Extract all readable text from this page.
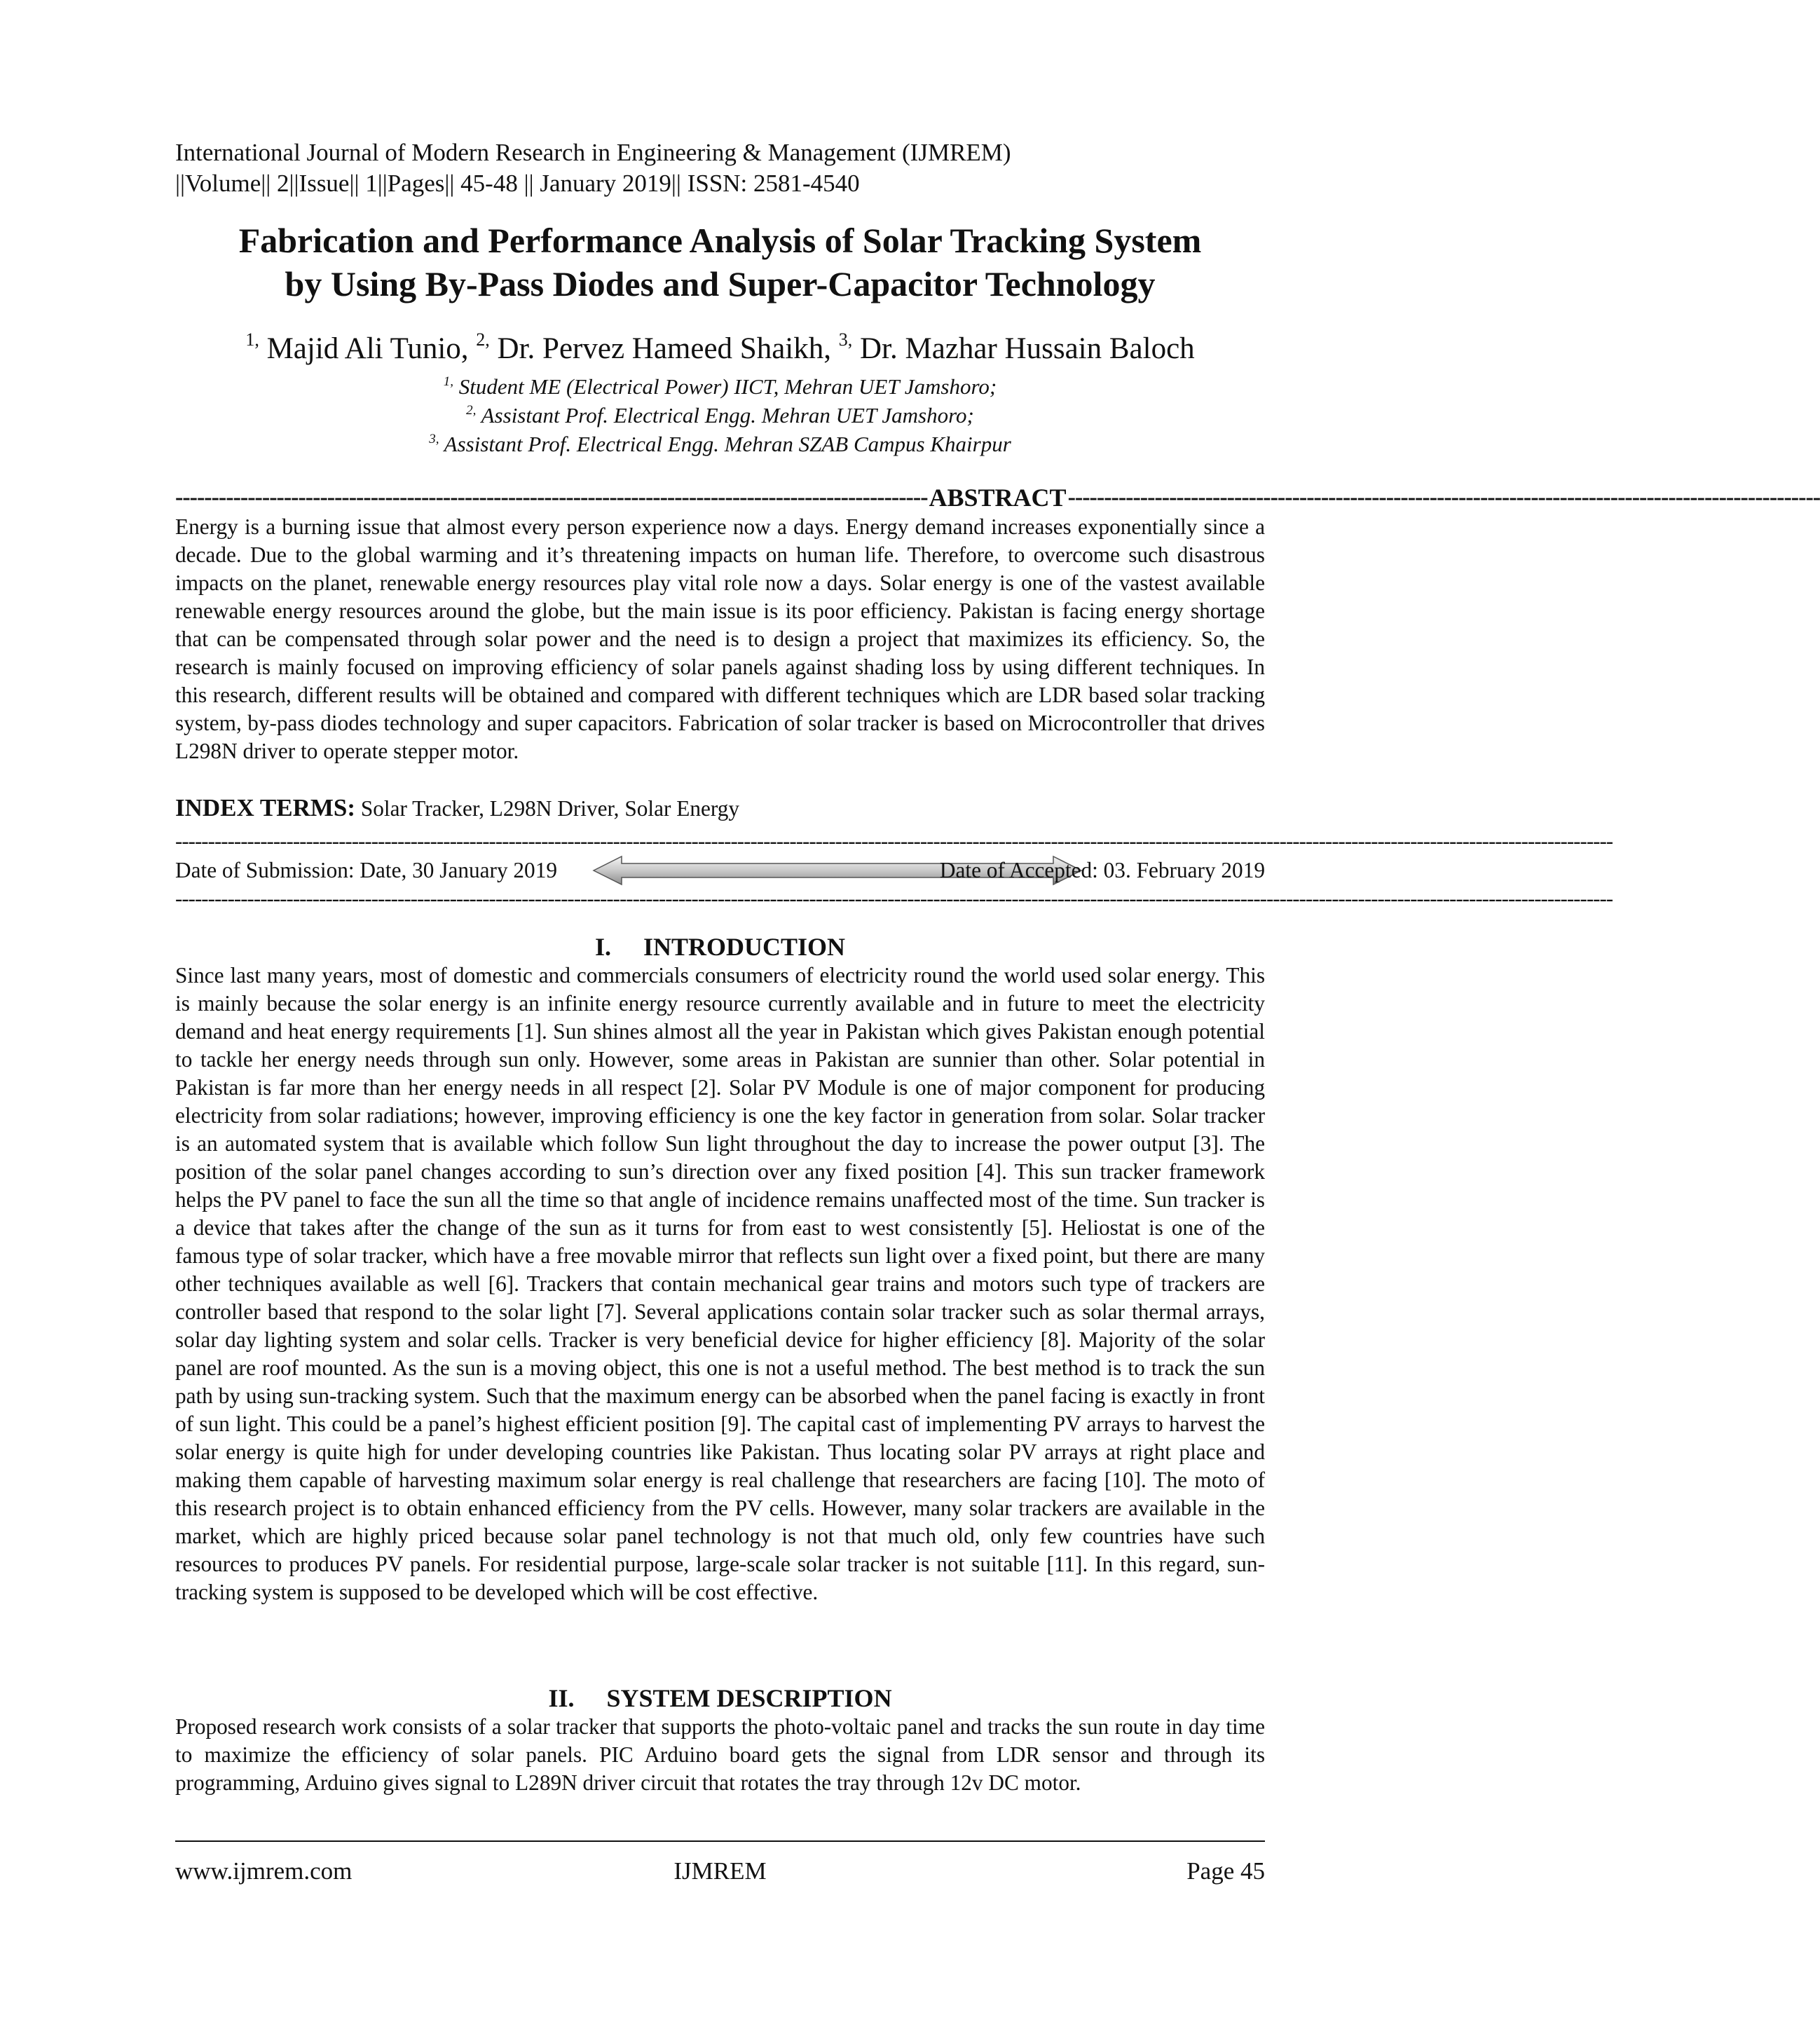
International Journal of Modern Research in Engineering & Management (IJMREM)
||Volume|| 2||Issue|| 1||Pages|| 45-48 || January 2019|| ISSN: 2581-4540
Fabrication and Performance Analysis of Solar Tracking System
by Using By-Pass Diodes and Super-Capacitor Technology
$^{1,}$ Majid Ali Tunio, $^{2,}$ Dr. Pervez Hameed Shaikh, $^{3,}$ Dr. Mazhar Hussain Baloch
$^{1,}$ Student ME (Electrical Power) IICT, Mehran UET Jamshoro;
$^{2,}$ Assistant Prof. Electrical Engg. Mehran UET Jamshoro;
$^{3,}$ Assistant Prof. Electrical Engg. Mehran SZAB Campus Khairpur
-------------------------------------------------------------------------------------------------------- ABSTRACT --------------------------------------------------------------------------------------------------------

Energy is a burning issue that almost every person experience now a days. Energy demand increases exponentially since a decade. Due to the global warming and it’s threatening impacts on human life. Therefore, to overcome such disastrous impacts on the planet, renewable energy resources play vital role now a days. Solar energy is one of the vastest available renewable energy resources around the globe, but the main issue is its poor efficiency. Pakistan is facing energy shortage that can be compensated through solar power and the need is to design a project that maximizes its efficiency. So, the research is mainly focused on improving efficiency of solar panels against shading loss by using different techniques. In this research, different results will be obtained and compared with different techniques which are LDR based solar tracking system, by-pass diodes technology and super capacitors. Fabrication of solar tracker is based on Microcontroller that drives L298N driver to operate stepper motor.

INDEX TERMS: Solar Tracker, L298N Driver, Solar Energy
----------------------------------------------------------------------------------------------------------------------------------------------------------------------------------------------------------------------------
Date of Submission: Date, 30 January 2019	Date of Accepted: 03. February 2019
----------------------------------------------------------------------------------------------------------------------------------------------------------------------------------------------------------------------------
I. INTRODUCTION

Since last many years, most of domestic and commercials consumers of electricity round the world used solar energy. This is mainly because the solar energy is an infinite energy resource currently available and in future to meet the electricity demand and heat energy requirements [1]. Sun shines almost all the year in Pakistan which gives Pakistan enough potential to tackle her energy needs through sun only. However, some areas in Pakistan are sunnier than other. Solar potential in Pakistan is far more than her energy needs in all respect [2]. Solar PV Module is one of major component for producing electricity from solar radiations; however, improving efficiency is one the key factor in generation from solar. Solar tracker is an automated system that is available which follow Sun light throughout the day to increase the power output [3]. The position of the solar panel changes according to sun’s direction over any fixed position [4]. This sun tracker framework helps the PV panel to face the sun all the time so that angle of incidence remains unaffected most of the time. Sun tracker is a device that takes after the change of the sun as it turns for from east to west consistently [5]. Heliostat is one of the famous type of solar tracker, which have a free movable mirror that reflects sun light over a fixed point, but there are many other techniques available as well [6]. Trackers that contain mechanical gear trains and motors such type of trackers are controller based that respond to the solar light [7]. Several applications contain solar tracker such as solar thermal arrays, solar day lighting system and solar cells. Tracker is very beneficial device for higher efficiency [8]. Majority of the solar panel are roof mounted. As the sun is a moving object, this one is not a useful method. The best method is to track the sun path by using sun-tracking system. Such that the maximum energy can be absorbed when the panel facing is exactly in front of sun light. This could be a panel’s highest efficient position [9]. The capital cast of implementing PV arrays to harvest the solar energy is quite high for under developing countries like Pakistan. Thus locating solar PV arrays at right place and making them capable of harvesting maximum solar energy is real challenge that researchers are facing [10]. The moto of this research project is to obtain enhanced efficiency from the PV cells. However, many solar trackers are available in the market, which are highly priced because solar panel technology is not that much old, only few countries have such resources to produces PV panels. For residential purpose, large-scale solar tracker is not suitable [11]. In this regard, sun-tracking system is supposed to be developed which will be cost effective.

II. SYSTEM DESCRIPTION

Proposed research work consists of a solar tracker that supports the photo-voltaic panel and tracks the sun route in day time to maximize the efficiency of solar panels. PIC Arduino board gets the signal from LDR sensor and through its programming, Arduino gives signal to L289N driver circuit that rotates the tray through 12v DC motor.

www.ijmrem.com	IJMREM	Page 45
